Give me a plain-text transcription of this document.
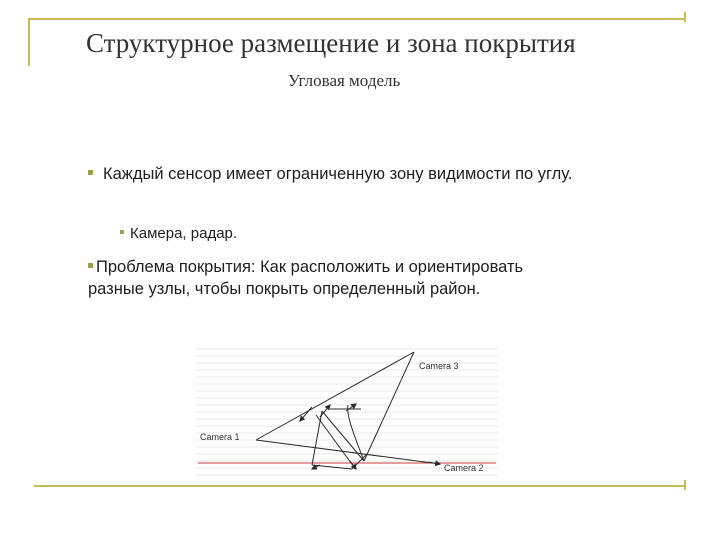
Структурное размещение и зона покрытия
Угловая модель
Каждый сенсор имеет ограниченную зону видимости по углу.
Камера, радар.
Проблема покрытия: Как расположить и ориентировать разные узлы, чтобы покрыть определенный район.
Camera 3
Camera 1
Camera 2
